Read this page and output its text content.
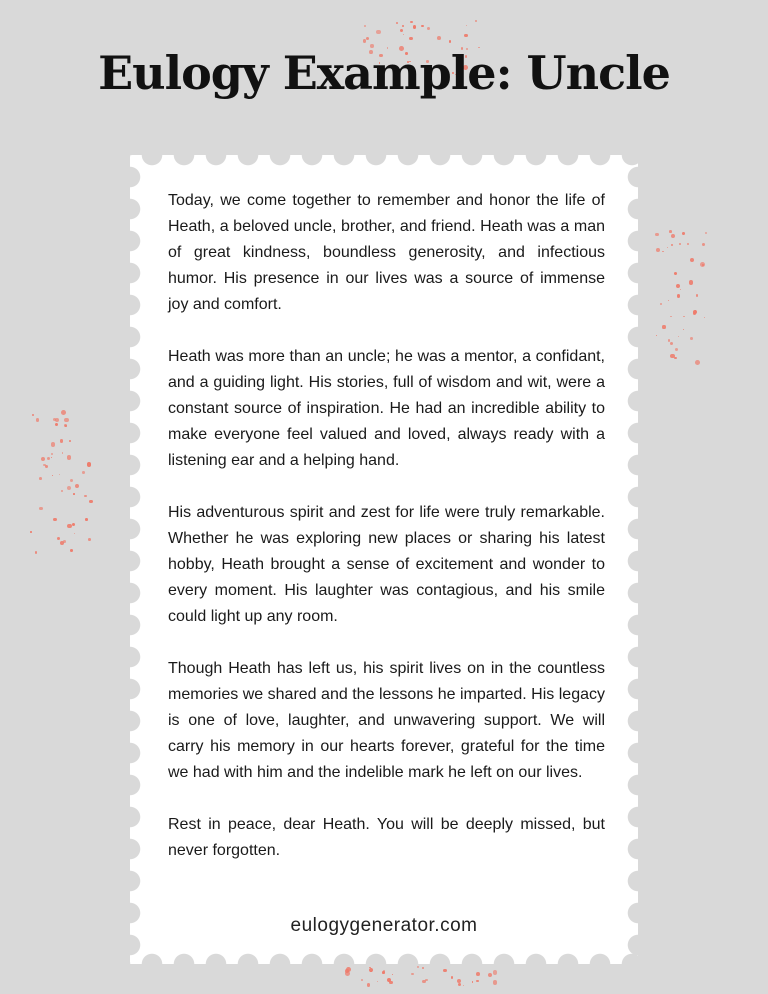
Eulogy Example: Uncle

Today, we come together to remember and honor the life of Heath, a beloved uncle, brother, and friend. Heath was a man of great kindness, boundless generosity, and infectious humor. His presence in our lives was a source of immense joy and comfort.

Heath was more than an uncle; he was a mentor, a confidant, and a guiding light. His stories, full of wisdom and wit, were a constant source of inspiration. He had an incredible ability to make everyone feel valued and loved, always ready with a listening ear and a helping hand.

His adventurous spirit and zest for life were truly remarkable. Whether he was exploring new places or sharing his latest hobby, Heath brought a sense of excitement and wonder to every moment. His laughter was contagious, and his smile could light up any room.

Though Heath has left us, his spirit lives on in the countless memories we shared and the lessons he imparted. His legacy is one of love, laughter, and unwavering support. We will carry his memory in our hearts forever, grateful for the time we had with him and the indelible mark he left on our lives.

Rest in peace, dear Heath. You will be deeply missed, but never forgotten.

eulogygenerator.com
